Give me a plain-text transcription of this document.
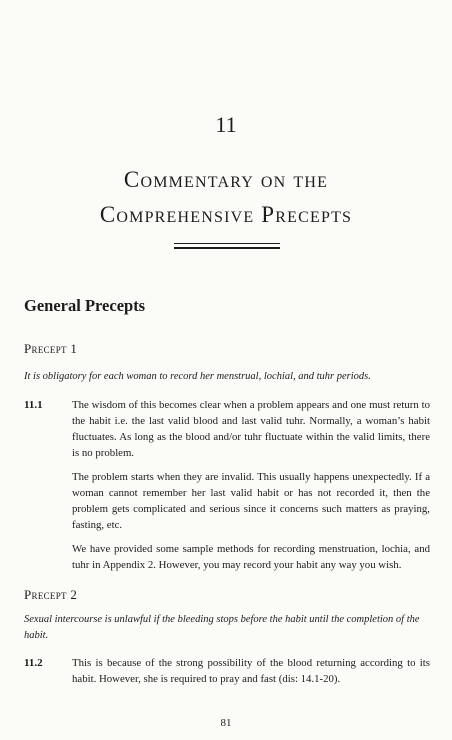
11
Commentary on the
Comprehensive Precepts
General Precepts
Precept 1
It is obligatory for each woman to record her menstrual, lochial, and tuhr periods.
11.1	The wisdom of this becomes clear when a problem appears and one must return to the habit i.e. the last valid blood and last valid tuhr. Normally, a woman’s habit fluctuates. As long as the blood and/or tuhr fluctuate within the valid limits, there is no problem.

The problem starts when they are invalid. This usually happens unexpectedly. If a woman cannot remember her last valid habit or has not recorded it, then the problem gets complicated and serious since it concerns such matters as praying, fasting, etc.

We have provided some sample methods for recording menstruation, lochia, and tuhr in Appendix 2. However, you may record your habit any way you wish.

Precept 2
Sexual intercourse is unlawful if the bleeding stops before the habit until the completion of the habit.
11.2	This is because of the strong possibility of the blood returning according to its habit. However, she is required to pray and fast (dis: 14.1-20).

81
